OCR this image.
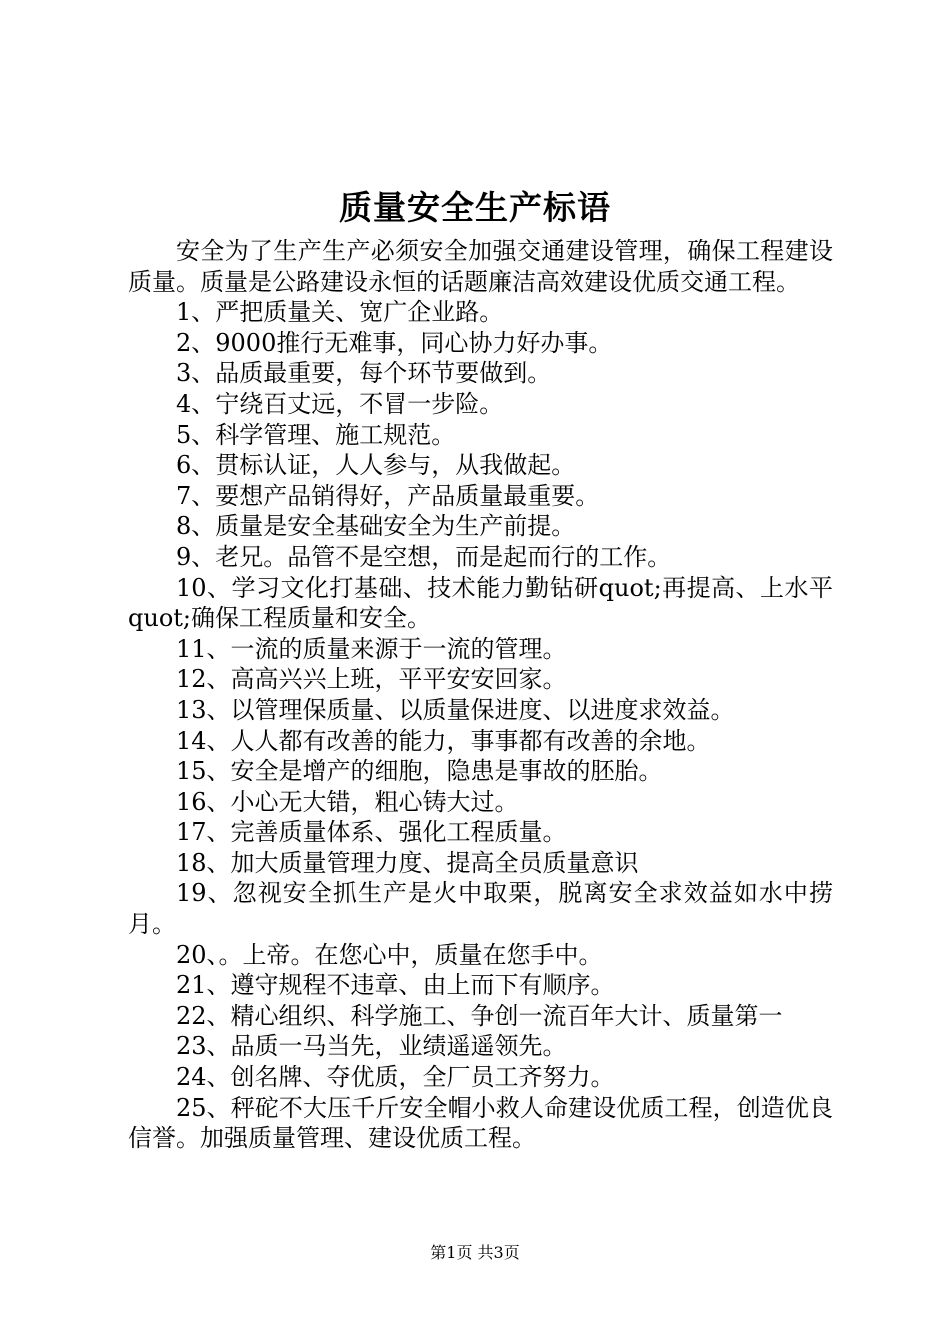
质量安全生产标语

安全为了生产生产必须安全加强交通建设管理，确保工程建设质量。质量是公路建设永恒的话题廉洁高效建设优质交通工程。

1、严把质量关、宽广企业路。

2、9000推行无难事，同心协力好办事。

3、品质最重要，每个环节要做到。

4、宁绕百丈远，不冒一步险。

5、科学管理、施工规范。

6、贯标认证，人人参与，从我做起。

7、要想产品销得好，产品质量最重要。

8、质量是安全基础安全为生产前提。

9、老兄。品管不是空想，而是起而行的工作。

10、学习文化打基础、技术能力勤钻研quot;再提高、上水平quot;确保工程质量和安全。

11、一流的质量来源于一流的管理。

12、高高兴兴上班，平平安安回家。

13、以管理保质量、以质量保进度、以进度求效益。

14、人人都有改善的能力，事事都有改善的余地。

15、安全是增产的细胞，隐患是事故的胚胎。

16、小心无大错，粗心铸大过。

17、完善质量体系、强化工程质量。

18、加大质量管理力度、提高全员质量意识

19、忽视安全抓生产是火中取栗，脱离安全求效益如水中捞月。

20、。上帝。在您心中，质量在您手中。

21、遵守规程不违章、由上而下有顺序。

22、精心组织、科学施工、争创一流百年大计、质量第一

23、品质一马当先，业绩遥遥领先。

24、创名牌、夺优质，全厂员工齐努力。

25、秤砣不大压千斤安全帽小救人命建设优质工程，创造优良信誉。加强质量管理、建设优质工程。

第1页 共3页
